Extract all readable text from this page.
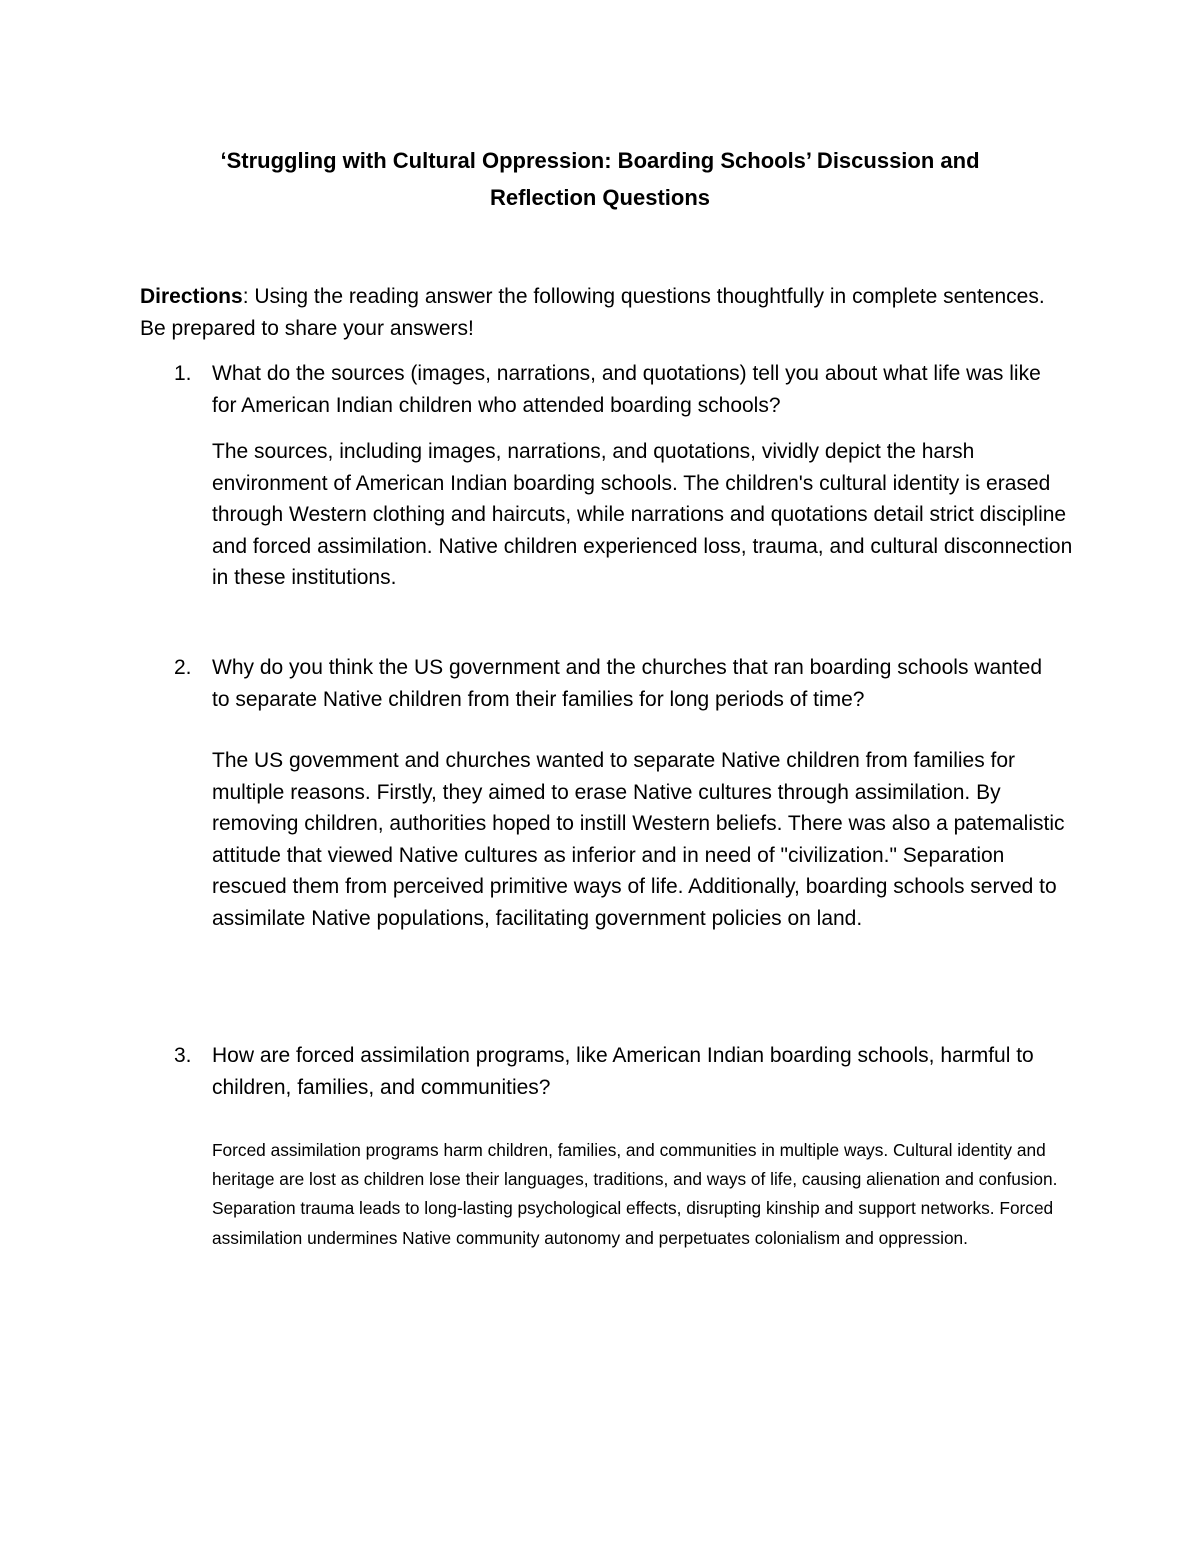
‘Struggling with Cultural Oppression: Boarding Schools’ Discussion and
Reflection Questions

Directions: Using the reading answer the following questions thoughtfully in complete sentences. Be prepared to share your answers!

1. What do the sources (images, narrations, and quotations) tell you about what life was like for American Indian children who attended boarding schools?

The sources, including images, narrations, and quotations, vividly depict the harsh environment of American Indian boarding schools. The children's cultural identity is erased through Western clothing and haircuts, while narrations and quotations detail strict discipline and forced assimilation. Native children experienced loss, trauma, and cultural disconnection in these institutions.

2. Why do you think the US government and the churches that ran boarding schools wanted to separate Native children from their families for long periods of time?

The US govemment and churches wanted to separate Native children from families for multiple reasons. Firstly, they aimed to erase Native cultures through assimilation. By removing children, authorities hoped to instill Western beliefs. There was also a patemalistic attitude that viewed Native cultures as inferior and in need of "civilization." Separation rescued them from perceived primitive ways of life. Additionally, boarding schools served to assimilate Native populations, facilitating government policies on land.

3. How are forced assimilation programs, like American Indian boarding schools, harmful to children, families, and communities?

Forced assimilation programs harm children, families, and communities in multiple ways. Cultural identity and heritage are lost as children lose their languages, traditions, and ways of life, causing alienation and confusion. Separation trauma leads to long-lasting psychological effects, disrupting kinship and support networks. Forced assimilation undermines Native community autonomy and perpetuates colonialism and oppression.
